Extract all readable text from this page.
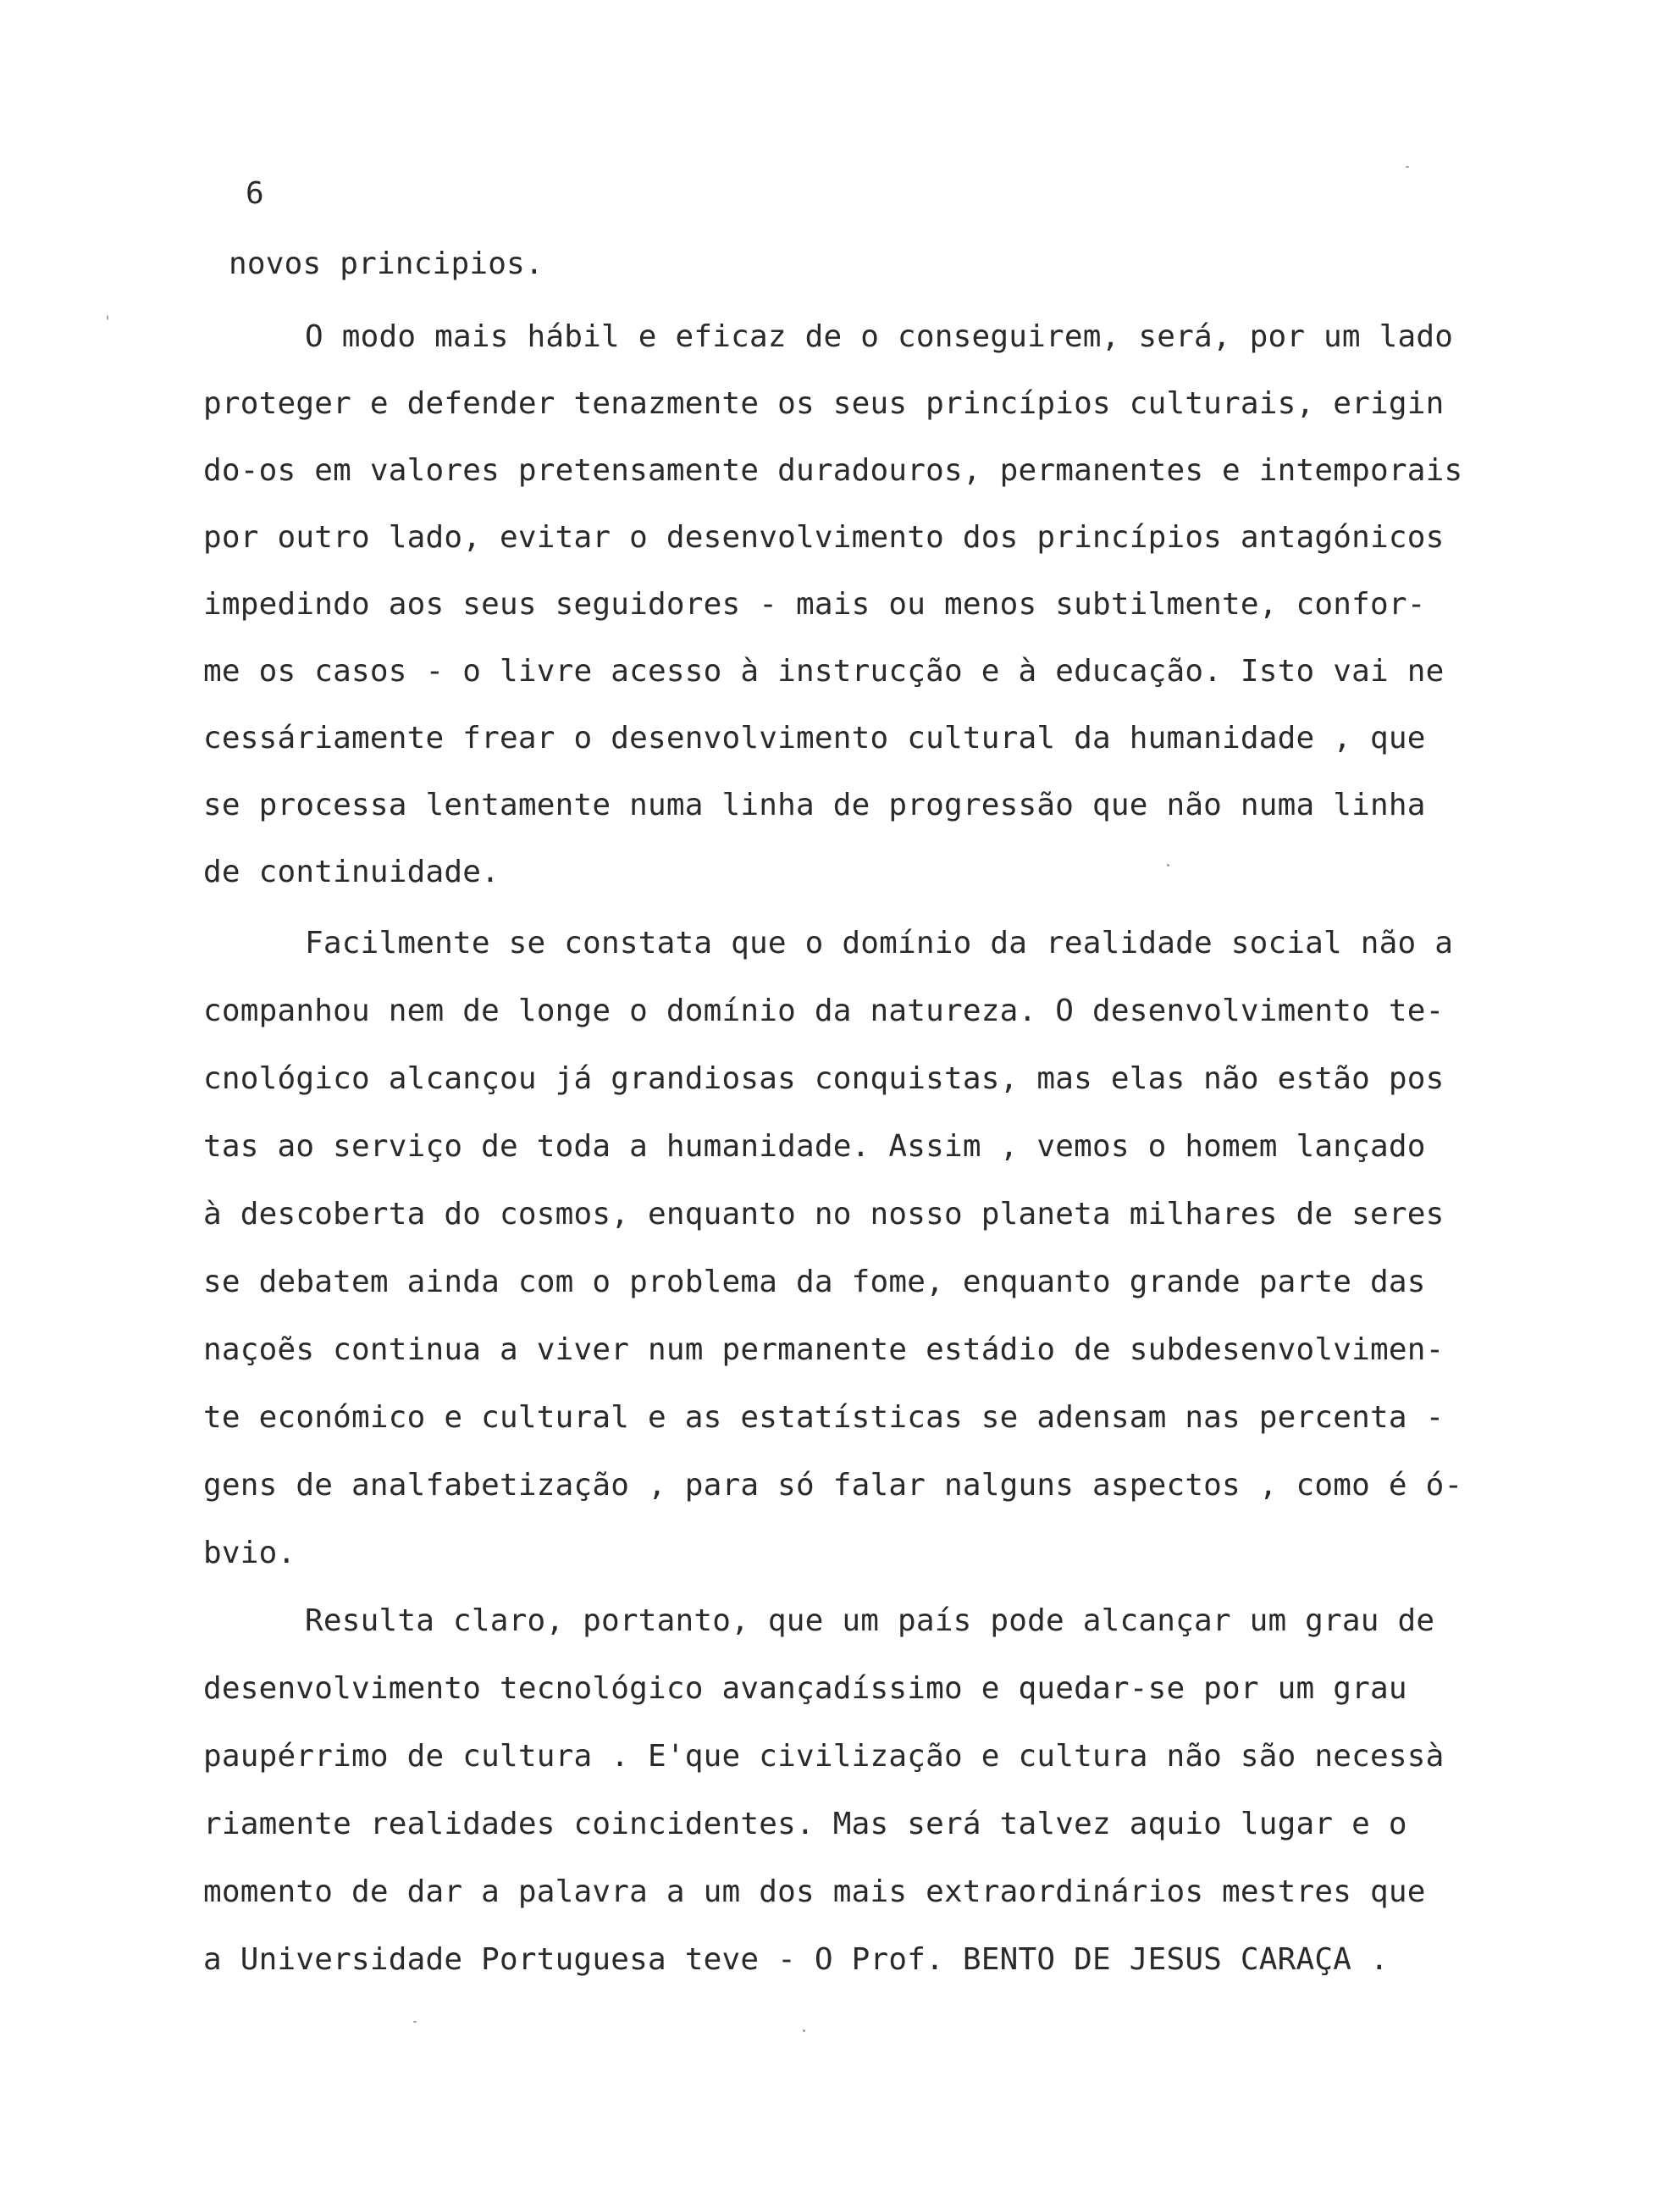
6
novos principios.
O modo mais hábil e eficaz de o conseguirem, será, por um lado
proteger e defender tenazmente os seus princípios culturais, erigin
do-os em valores pretensamente duradouros, permanentes e intemporais
por outro lado, evitar o desenvolvimento dos princípios antagónicos
impedindo aos seus seguidores - mais ou menos subtilmente, confor-
me os casos - o livre acesso à instrucção e à educação. Isto vai ne
cessáriamente frear o desenvolvimento cultural da humanidade , que
se processa lentamente numa linha de progressão que não numa linha
de continuidade.
Facilmente se constata que o domínio da realidade social não a
companhou nem de longe o domínio da natureza. O desenvolvimento te-
cnológico alcançou já grandiosas conquistas, mas elas não estão pos
tas ao serviço de toda a humanidade. Assim , vemos o homem lançado
à descoberta do cosmos, enquanto no nosso planeta milhares de seres
se debatem ainda com o problema da fome, enquanto grande parte das
naçoẽs continua a viver num permanente estádio de subdesenvolvimen-
te económico e cultural e as estatísticas se adensam nas percenta -
gens de analfabetização , para só falar nalguns aspectos , como é ó-
bvio.
Resulta claro, portanto, que um país pode alcançar um grau de
desenvolvimento tecnológico avançadíssimo e quedar-se por um grau
paupérrimo de cultura . E'que civilização e cultura não são necessà
riamente realidades coincidentes. Mas será talvez aquio lugar e o
momento de dar a palavra a um dos mais extraordinários mestres que
a Universidade Portuguesa teve - O Prof. BENTO DE JESUS CARAÇA .
